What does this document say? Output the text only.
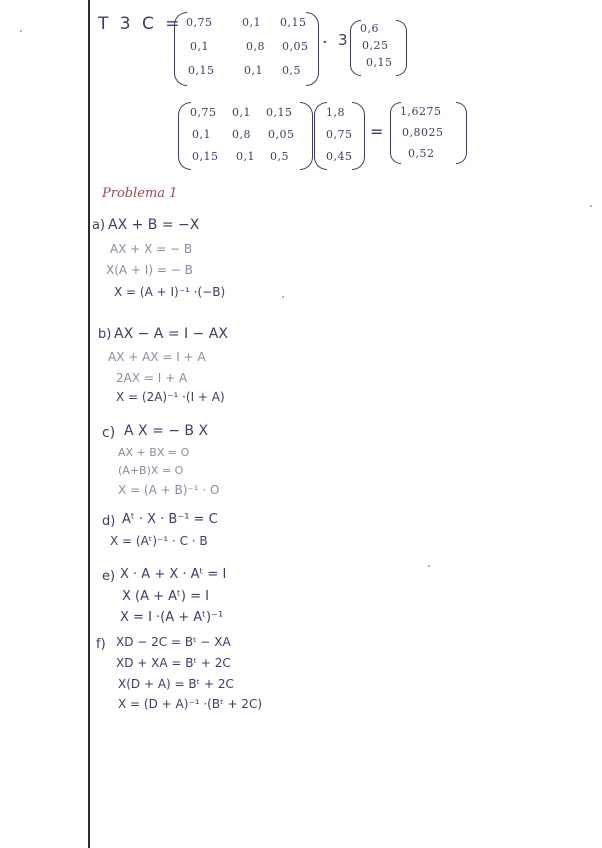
T 3 C = 0,75	0,1 0,15
0,1	0,8 0,05
0,15	0,1 0,5
· 3
0,6
0,25
0,15
0,75 0,1 0,15
0,1 0,8 0,05
0,15 0,1 0,5
1,8
0,75
0,45
=
1,6275
0,8025
0,52
Problema 1
a) AX + B = −X
AX + X = − B
X(A + I) = − B
X = (A + I)⁻¹ ·(−B)
b) AX − A = I − AX
AX + AX = I + A
2AX = I + A
X = (2A)⁻¹ ·(I + A)
c) A X = − B X
AX + BX = O
(A+B)X = O
X = (A + B)⁻¹ · O
d) Aᵗ · X · B⁻¹ = C
X = (Aᵗ)⁻¹ · C · B
e) X · A + X · Aᵗ = I
X (A + Aᵗ) = I
X = I ·(A + Aᵗ)⁻¹
f) XD − 2C = Bᵗ − XA
XD + XA = Bᵗ + 2C
X(D + A) = Bᵗ + 2C
X = (D + A)⁻¹ ·(Bᵗ + 2C)
